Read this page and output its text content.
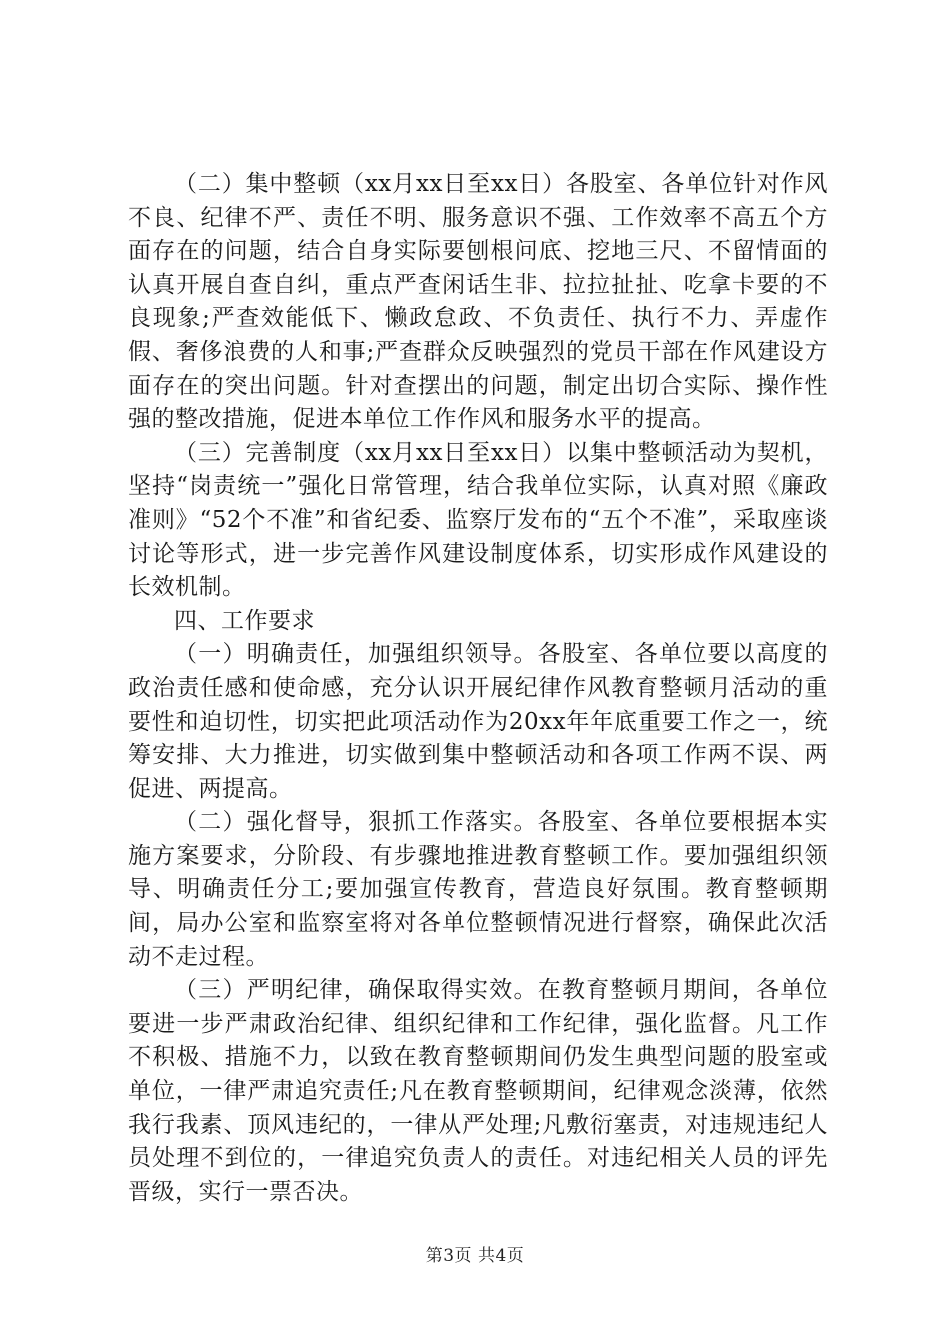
（二）集中整顿（xx月xx日至xx日）各股室、各单位针对作风不良、纪律不严、责任不明、服务意识不强、工作效率不高五个方面存在的问题，结合自身实际要刨根问底、挖地三尺、不留情面的认真开展自查自纠，重点严查闲话生非、拉拉扯扯、吃拿卡要的不良现象;严查效能低下、懒政怠政、不负责任、执行不力、弄虚作假、奢侈浪费的人和事;严查群众反映强烈的党员干部在作风建设方面存在的突出问题。针对查摆出的问题，制定出切合实际、操作性强的整改措施，促进本单位工作作风和服务水平的提高。

（三）完善制度（xx月xx日至xx日）以集中整顿活动为契机，坚持“岗责统一”强化日常管理，结合我单位实际，认真对照《廉政准则》“52个不准”和省纪委、监察厅发布的“五个不准”，采取座谈讨论等形式，进一步完善作风建设制度体系，切实形成作风建设的长效机制。

四、工作要求

（一）明确责任，加强组织领导。各股室、各单位要以高度的政治责任感和使命感，充分认识开展纪律作风教育整顿月活动的重要性和迫切性，切实把此项活动作为20xx年年底重要工作之一，统筹安排、大力推进，切实做到集中整顿活动和各项工作两不误、两促进、两提高。

（二）强化督导，狠抓工作落实。各股室、各单位要根据本实施方案要求，分阶段、有步骤地推进教育整顿工作。要加强组织领导、明确责任分工;要加强宣传教育，营造良好氛围。教育整顿期间，局办公室和监察室将对各单位整顿情况进行督察，确保此次活动不走过程。

（三）严明纪律，确保取得实效。在教育整顿月期间，各单位要进一步严肃政治纪律、组织纪律和工作纪律，强化监督。凡工作不积极、措施不力，以致在教育整顿期间仍发生典型问题的股室或单位，一律严肃追究责任;凡在教育整顿期间，纪律观念淡薄，依然我行我素、顶风违纪的，一律从严处理;凡敷衍塞责，对违规违纪人员处理不到位的，一律追究负责人的责任。对违纪相关人员的评先晋级，实行一票否决。

第3页 共4页
